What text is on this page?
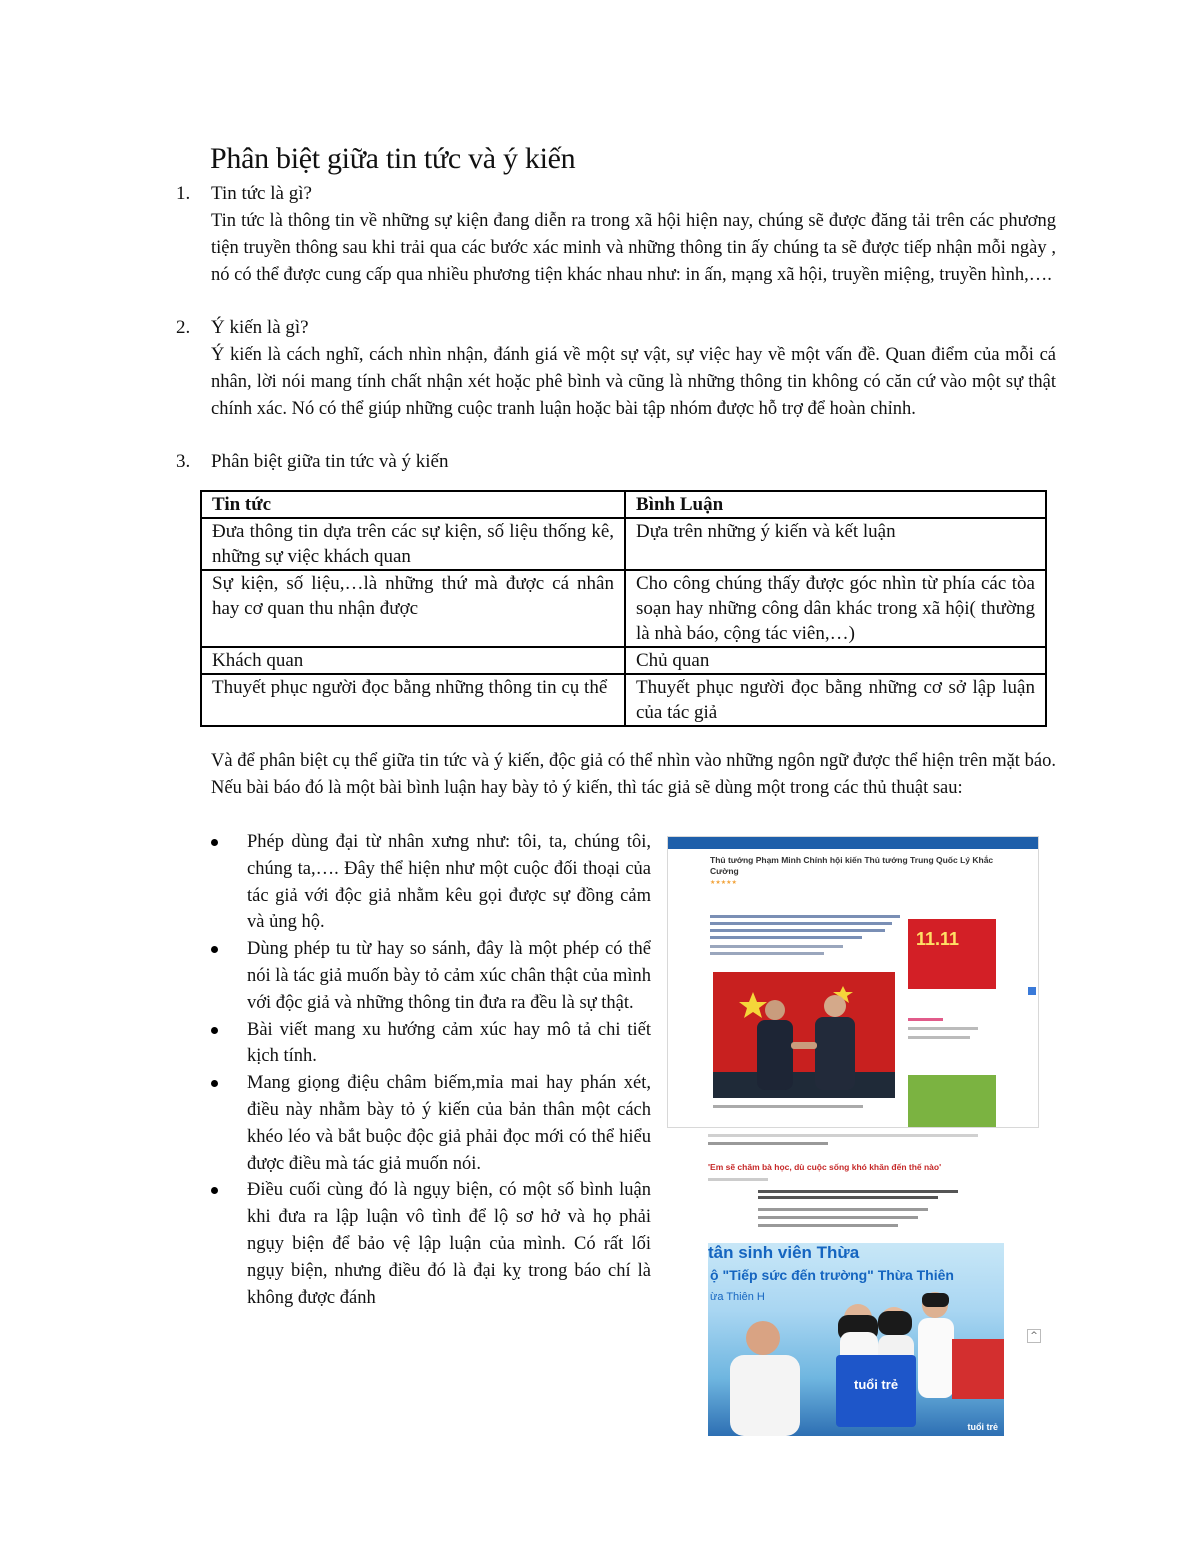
Phân biệt giữa tin tức và ý kiến
1. Tin tức là gì?
Tin tức là thông tin về những sự kiện đang diễn ra trong xã hội hiện nay, chúng sẽ được đăng tải trên các phương tiện truyền thông sau khi trải qua các bước xác minh và những thông tin ấy chúng ta sẽ được tiếp nhận mỗi ngày , nó có thể được cung cấp qua nhiều phương tiện khác nhau như: in ấn, mạng xã hội, truyền miệng, truyền hình,….
2. Ý kiến là gì?
Ý kiến là cách nghĩ, cách nhìn nhận, đánh giá về một sự vật, sự việc hay về một vấn đề. Quan điểm của mỗi cá nhân, lời nói mang tính chất nhận xét hoặc phê bình và cũng là những thông tin không có căn cứ vào một sự thật chính xác. Nó có thể giúp những cuộc tranh luận hoặc bài tập nhóm được hỗ trợ để hoàn chỉnh.
3. Phân biệt giữa tin tức và ý kiến
Tin tức	Bình Luận
Đưa thông tin dựa trên các sự kiện, số liệu thống kê, những sự việc khách quan	Dựa trên những ý kiến và kết luận
Sự kiện, số liệu,…là những thứ mà được cá nhân hay cơ quan thu nhận được	Cho công chúng thấy được góc nhìn từ phía các tòa soạn hay những công dân khác trong xã hội( thường là nhà báo, cộng tác viên,…)
Khách quan	Chủ quan
Thuyết phục người đọc bằng những thông tin cụ thể	Thuyết phục người đọc bằng những cơ sở lập luận của tác giả
Và để phân biệt cụ thể giữa tin tức và ý kiến, độc giả có thể nhìn vào những ngôn ngữ được thể hiện trên mặt báo. Nếu bài báo đó là một bài bình luận hay bày tỏ ý kiến, thì tác giả sẽ dùng một trong các thủ thuật sau:
Phép dùng đại từ nhân xưng như: tôi, ta, chúng tôi, chúng ta,…. Đây thể hiện như một cuộc đối thoại của tác giả với độc giả nhằm kêu gọi được sự đồng cảm và ủng hộ.
Dùng phép tu từ hay so sánh, đây là một phép có thể nói là tác giả muốn bày tỏ cảm xúc chân thật của mình với độc giả và những thông tin đưa ra đều là sự thật.
Bài viết mang xu hướng cảm xúc hay mô tả chi tiết kịch tính.
Mang giọng điệu châm biếm,mỉa mai hay phán xét, điều này nhằm bày tỏ ý kiến của bản thân một cách khéo léo và bắt buộc độc giả phải đọc mới có thể hiểu được điều mà tác giả muốn nói.
Điều cuối cùng đó là ngụy biện, có một số bình luận khi đưa ra lập luận vô tình để lộ sơ hở và họ phải ngụy biện để bảo vệ lập luận của mình. Có rất lối ngụy biện, nhưng điều đó là đại kỵ trong báo chí là không được đánh
Thủ tướng Phạm Minh Chính hội kiến Thủ tướng Trung Quốc Lý Khắc Cường
★★★★★
11.11
'Em sẽ chăm bà học, dù cuộc sống khó khăn đến thế nào'
tân sinh viên Thừa
ộ "Tiếp sức đến trường" Thừa Thiên
ừa Thiên H
tuổi trẻ
tuổi trẻ
^
